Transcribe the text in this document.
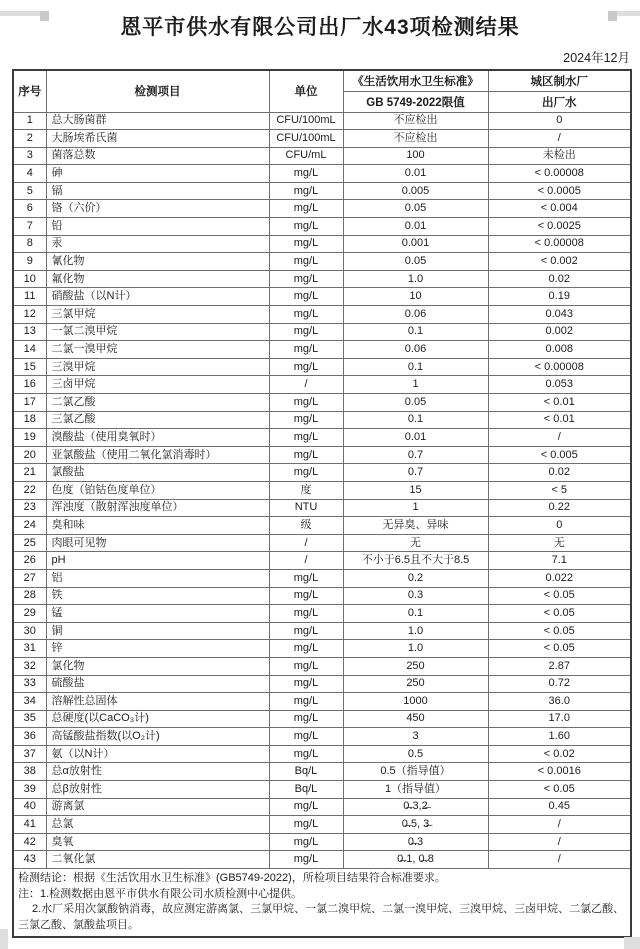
恩平市供水有限公司出厂水43项检测结果
2024年12月
序号	检测项目	单位	《生活饮用水卫生标准》	城区制水厂
			GB 5749-2022限值	出厂水
1	总大肠菌群	CFU/100mL	不应检出	0
2	大肠埃希氏菌	CFU/100mL	不应检出	/
3	菌落总数	CFU/mL	100	未检出
4	砷	mg/L	0.01	< 0.00008
5	镉	mg/L	0.005	< 0.0005
6	铬（六价）	mg/L	0.05	< 0.004
7	铅	mg/L	0.01	< 0.0025
8	汞	mg/L	0.001	< 0.00008
9	氰化物	mg/L	0.05	< 0.002
10	氟化物	mg/L	1.0	0.02
11	硝酸盐（以N计）	mg/L	10	0.19
12	三氯甲烷	mg/L	0.06	0.043
13	一氯二溴甲烷	mg/L	0.1	0.002
14	二氯一溴甲烷	mg/L	0.06	0.008
15	三溴甲烷	mg/L	0.1	< 0.00008
16	三卤甲烷	/	1	0.053
17	二氯乙酸	mg/L	0.05	< 0.01
18	三氯乙酸	mg/L	0.1	< 0.01
19	溴酸盐（使用臭氧时）	mg/L	0.01	/
20	亚氯酸盐（使用二氧化氯消毒时）	mg/L	0.7	< 0.005
21	氯酸盐	mg/L	0.7	0.02
22	色度（铂钴色度单位）	度	15	< 5
23	浑浊度（散射浑浊度单位）	NTU	1	0.22
24	臭和味	级	无异臭、异味	0
25	肉眼可见物	/	无	无
26	pH	/	不小于6.5且不大于8.5	7.1
27	铝	mg/L	0.2	0.022
28	铁	mg/L	0.3	< 0.05
29	锰	mg/L	0.1	< 0.05
30	铜	mg/L	1.0	< 0.05
31	锌	mg/L	1.0	< 0.05
32	氯化物	mg/L	250	2.87
33	硫酸盐	mg/L	250	0.72
34	溶解性总固体	mg/L	1000	36.0
35	总硬度(以CaCO₃计)	mg/L	450	17.0
36	高锰酸盐指数(以O₂计)	mg/L	3	1.60
37	氨（以N计）	mg/L	0.5	< 0.02
38	总α放射性	Bq/L	0.5（指导值）	< 0.0016
39	总β放射性	Bq/L	1（指导值）	< 0.05
40	游离氯	mg/L	0̶.3,2̶	0.45
41	总氯	mg/L	0̶.5, 3̶	/
42	臭氧	mg/L	0̶.3	/
43	二氧化氯	mg/L	0̶.1, 0̶.8	/

检测结论：根据《生活饮用水卫生标准》(GB5749-2022)，所检项目结果符合标准要求。

注：1.检测数据由恩平市供水有限公司水质检测中心提供。

2.水厂采用次氯酸钠消毒，故应测定游离氯、三氯甲烷、一氯二溴甲烷、二氯一溴甲烷、三溴甲烷、三卤甲烷、二氯乙酸、三氯乙酸、氯酸盐项目。				
